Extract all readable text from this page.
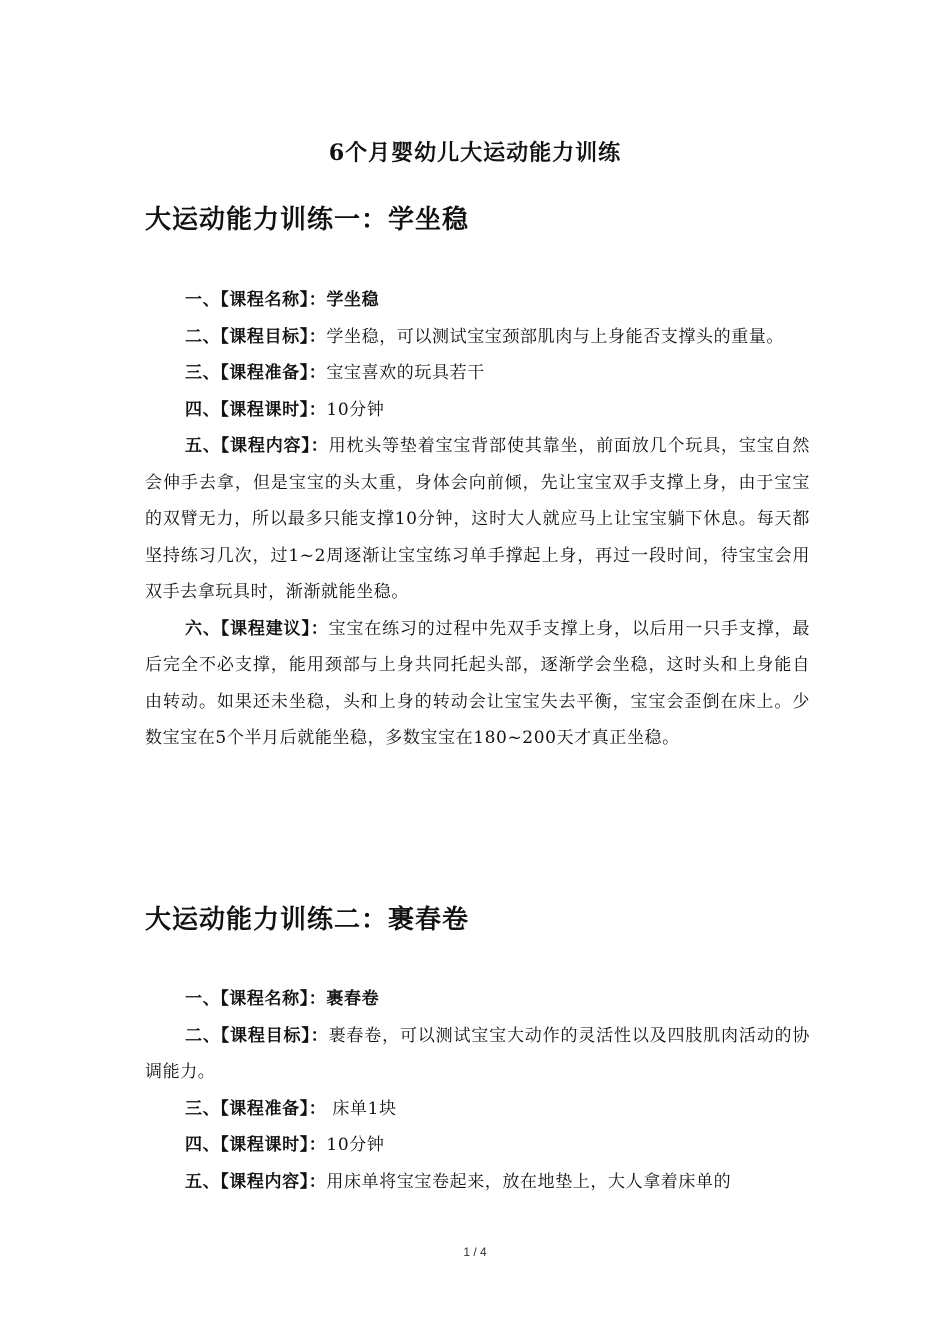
6个月婴幼儿大运动能力训练
大运动能力训练一：学坐稳

一、【课程名称】：学坐稳

二、【课程目标】：学坐稳，可以测试宝宝颈部肌肉与上身能否支撑头的重量。

三、【课程准备】：宝宝喜欢的玩具若干

四、【课程课时】：10分钟

五、【课程内容】：用枕头等垫着宝宝背部使其靠坐，前面放几个玩具，宝宝自然会伸手去拿，但是宝宝的头太重，身体会向前倾，先让宝宝双手支撑上身，由于宝宝的双臂无力，所以最多只能支撑10分钟，这时大人就应马上让宝宝躺下休息。每天都坚持练习几次，过1~2周逐渐让宝宝练习单手撑起上身，再过一段时间，待宝宝会用双手去拿玩具时，渐渐就能坐稳。

六、【课程建议】：宝宝在练习的过程中先双手支撑上身，以后用一只手支撑，最后完全不必支撑，能用颈部与上身共同托起头部，逐渐学会坐稳，这时头和上身能自由转动。如果还未坐稳，头和上身的转动会让宝宝失去平衡，宝宝会歪倒在床上。少数宝宝在5个半月后就能坐稳，多数宝宝在180~200天才真正坐稳。

大运动能力训练二：裹春卷

一、【课程名称】：裹春卷

二、【课程目标】：裹春卷，可以测试宝宝大动作的灵活性以及四肢肌肉活动的协调能力。

三、【课程准备】： 床单1块

四、【课程课时】：10分钟

五、【课程内容】：用床单将宝宝卷起来，放在地垫上，大人拿着床单的

1 / 4
